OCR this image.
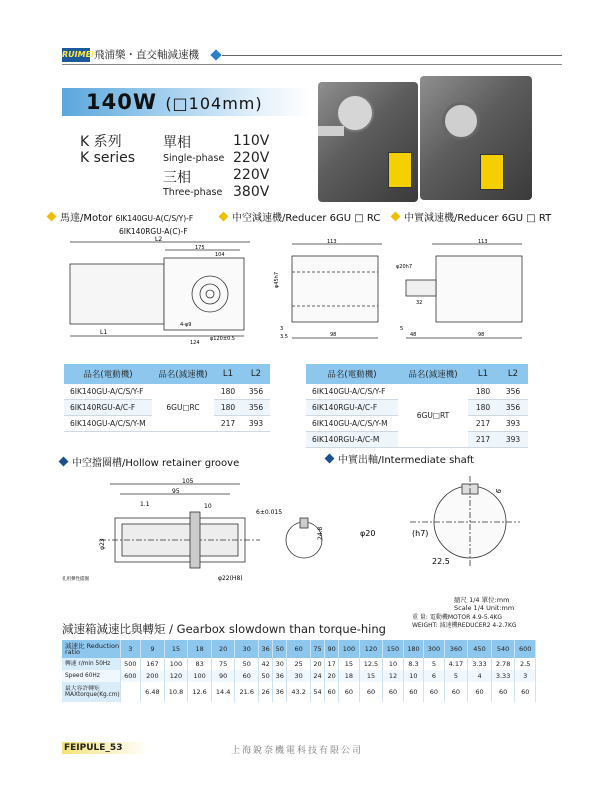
RUIMEI 飛浦樂・直交軸減速機
140W (□104mm)
K 系列
K series
單相
Single-phase
110V
220V
三相
Three-phase
220V
380V
馬達/Motor 6IK140GU-A(C/S/Y)-F
6IK140RGU-A(C)-F
中空減速機/Reducer 6GU □ RC	中實減速機/Reducer 6GU □ RT
L2
175
L1
124
104
4-φ9
φ120±0.5
113
φ45h7
98
3
3.5
113
98
48
32
5
φ20h7
品名(電動機)	品名(減速機)	L1	L2
6IK140GU-A/C/S/Y-F	6GU□RC	180	356
6IK140RGU-A/C-F		180	356
6IK140GU-A/C/S/Y-M		217	393
品名(電動機)	品名(減速機)	L1	L2
6IK140GU-A/C/S/Y-F	6GU□RT	180	356
6IK140RGU-A/C-F		180	356
6IK140GU-A/C/S/Y-M		217	393
6IK140RGU-A/C-M		217	393
中空擋圈槽/Hollow retainer groove	中實出軸/Intermediate shaft
105
95
1.1	10
φ23
6±0.015
24.8
φ22(H8)
孔用彈性擋圈
6
φ20	(h7)
22.5
縮尺 1/4 單位:mm
Scale 1/4 Unit:mm
減速箱減速比與轉矩 / Gearbox slowdown than torque-hing
重 量: 電動機MOTOR 4.9-5.4KG
WEIGHT: 減速機REDUCER2 4-2.7KG
減速比 Reduction ratio	3	9	15	18	20	30	36	50	60	75	90	100	120	150	180	300	360	450	540	600
轉速 r/min 50Hz	500	167	100	83	75	50	42	30	25	20	17	15	12.5	10	8.3	5	4.17	3.33	2.78	2.5
Speed 60Hz	600	200	120	100	90	60	50	36	30	24	20	18	15	12	10	6	5	4	3.33	3
最大容許轉矩 MAXtorque(Kg.cm)		6.48	10.8	12.6	14.4	21.6	26	36	43.2	54	60	60	60	60	60	60	60	60	60	60
上海銳奈機電科技有限公司
FEIPULE_53
